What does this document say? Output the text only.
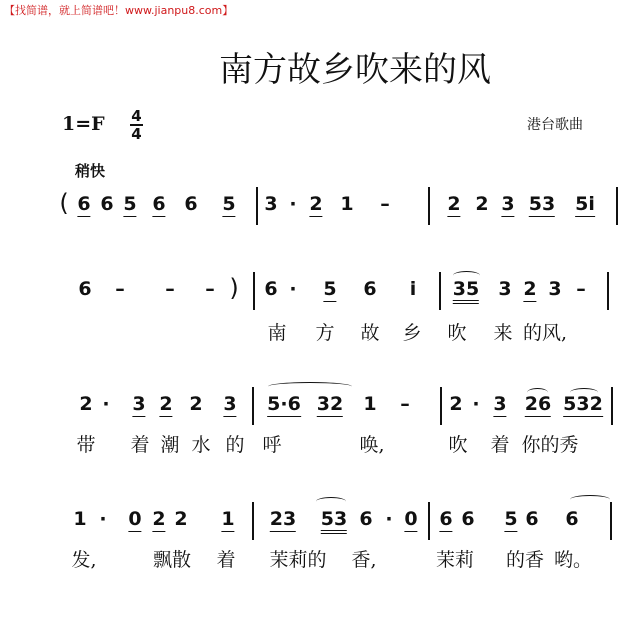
【找简谱，就上简谱吧！www.jianpu8.com】
南方故乡吹来的风
1=F 4
4	港台歌曲
稍快
( 6 6 5 6 6 5 3 · 2 1 –	2 2 3 53 5i
6 – – – ) 6 · 5 6 i 35 3 2 3 –
南 方 故 乡 吹 来 的风,
2 · 3 2 2 3 5·6 32 1 – 2 · 3 26 532
带 着 潮 水 的 呼	唤,	吹 着 你的秀
1 · 0 2 2 1 23 53 6 · 0 6 6 5 6 6
发,	飘散 着 茉莉的 香,	茉莉 的香 哟。
